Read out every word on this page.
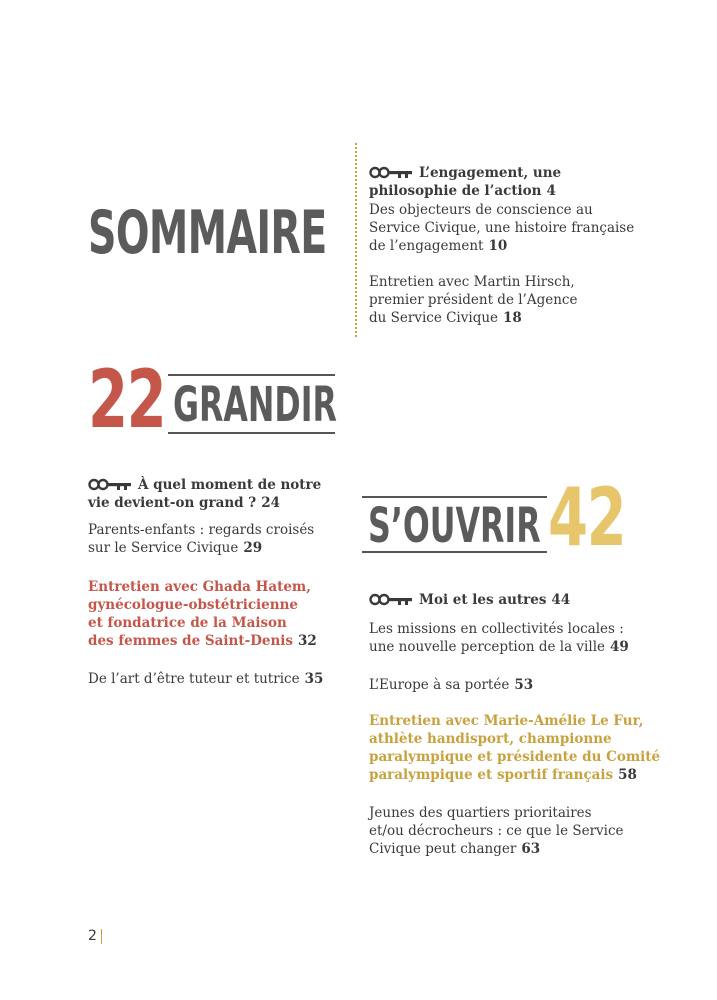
SOMMAIRE

L’engagement, une
philosophie de l’action 4

Des objecteurs de conscience au
Service Civique, une histoire française
de l’engagement 10

Entretien avec Martin Hirsch,
premier président de l’Agence
du Service Civique 18

22 GRANDIR

À quel moment de notre
vie devient-on grand ? 24

Parents-enfants : regards croisés
sur le Service Civique 29

Entretien avec Ghada Hatem,
gynécologue-obstétricienne
et fondatrice de la Maison
des femmes de Saint-Denis 32

De l’art d’être tuteur et tutrice 35

S’OUVRIR 42

Moi et les autres 44

Les missions en collectivités locales :
une nouvelle perception de la ville 49

L’Europe à sa portée 53

Entretien avec Marie-Amélie Le Fur,
athlète handisport, championne
paralympique et présidente du Comité
paralympique et sportif français 58

Jeunes des quartiers prioritaires
et/ou décrocheurs : ce que le Service
Civique peut changer 63

2
